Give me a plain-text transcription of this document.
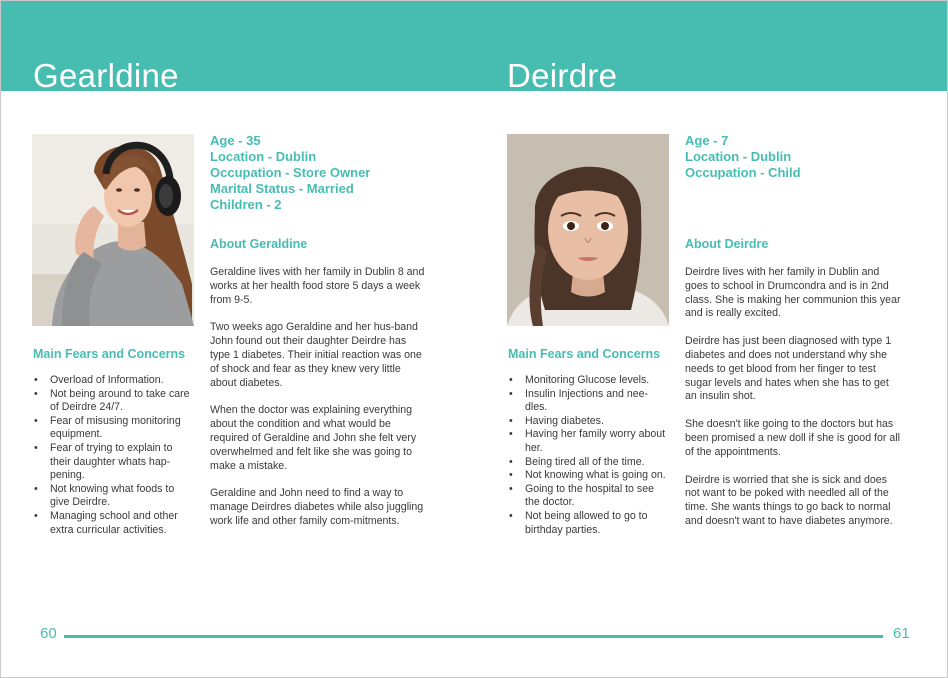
Gearldine
Age - 35
Location - Dublin
Occupation - Store Owner
Marital Status - Married
Children - 2
About Geraldine

Geraldine lives with her family in Dublin 8 and works at her health food store 5 days a week from 9-5.

Two weeks ago Geraldine and her hus-band John found out their daughter Deirdre has type 1 diabetes. Their initial reaction was one of shock and fear as they knew very little about diabetes.

When the doctor was explaining everything about the condition and what would be required of Geraldine and John she felt very overwhelmed and felt like she was going to make a mistake.

Geraldine and John need to find a way to manage Deirdres diabetes while also juggling work life and other family com-mitments.

Main Fears and Concerns
• Overload of Information.
• Not being around to take care of Deirdre 24/7.
• Fear of misusing monitoring equipment.
• Fear of trying to explain to their daughter whats hap-pening.
• Not knowing what foods to give Deirdre.
• Managing school and other extra curricular activities.
Deirdre
Age - 7
Location - Dublin
Occupation - Child
About Deirdre

Deirdre lives with her family in Dublin and goes to school in Drumcondra and is in 2nd class. She is making her communion this year and is really excited.

Deirdre has just been diagnosed with type 1 diabetes and does not understand why she needs to get blood from her finger to test sugar levels and hates when she has to get an insulin shot.

She doesn't like going to the doctors but has been promised a new doll if she is good for all of the appointments.

Deirdre is worried that she is sick and does not want to be poked with needled all of the time. She wants things to go back to normal and doesn't want to have diabetes anymore.

Main Fears and Concerns
• Monitoring Glucose levels.
• Insulin Injections and nee-dles.
• Having diabetes.
• Having her family worry about her.
• Being tired all of the time.
• Not knowing what is going on.
• Going to the hospital to see the doctor.
• Not being allowed to go to birthday parties.
60	61
